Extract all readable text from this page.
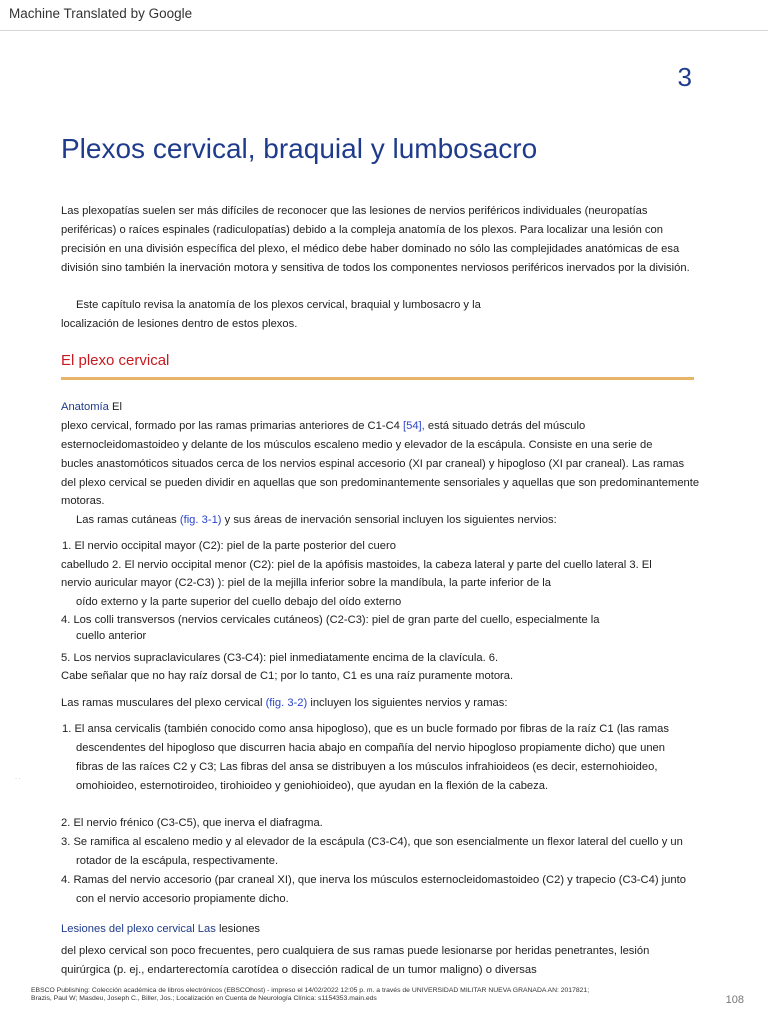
Machine Translated by Google
3
Plexos cervical, braquial y lumbosacro
Las plexopatías suelen ser más difíciles de reconocer que las lesiones de nervios periféricos individuales (neuropatías
periféricas) o raíces espinales (radiculopatías) debido a la compleja anatomía de los plexos. Para localizar una lesión con
precisión en una división específica del plexo, el médico debe haber dominado no sólo las complejidades anatómicas de esa
división sino también la inervación motora y sensitiva de todos los componentes nerviosos periféricos inervados por la división.
Este capítulo revisa la anatomía de los plexos cervical, braquial y lumbosacro y la
localización de lesiones dentro de estos plexos.
El plexo cervical
Anatomía El
plexo cervical, formado por las ramas primarias anteriores de C1-C4 [54], está situado detrás del músculo
esternocleidomastoideo y delante de los músculos escaleno medio y elevador de la escápula. Consiste en una serie de
bucles anastomóticos situados cerca de los nervios espinal accesorio (XI par craneal) y hipogloso (XI par craneal). Las ramas
del plexo cervical se pueden dividir en aquellas que son predominantemente sensoriales y aquellas que son predominantemente
motoras.
Las ramas cutáneas (fig. 3-1) y sus áreas de inervación sensorial incluyen los siguientes nervios:
1. El nervio occipital mayor (C2): piel de la parte posterior del cuero
cabelludo 2. El nervio occipital menor (C2): piel de la apófisis mastoides, la cabeza lateral y parte del cuello lateral 3. El
nervio auricular mayor (C2-C3) ): piel de la mejilla inferior sobre la mandíbula, la parte inferior de la
oído externo y la parte superior del cuello debajo del oído externo
4. Los colli transversos (nervios cervicales cutáneos) (C2-C3): piel de gran parte del cuello, especialmente la
cuello anterior
5. Los nervios supraclaviculares (C3-C4): piel inmediatamente encima de la clavícula. 6.
Cabe señalar que no hay raíz dorsal de C1; por lo tanto, C1 es una raíz puramente motora.
Las ramas musculares del plexo cervical (fig. 3-2) incluyen los siguientes nervios y ramas:
1. El ansa cervicalis (también conocido como ansa hipogloso), que es un bucle formado por fibras de la raíz C1 (las ramas
descendentes del hipogloso que discurren hacia abajo en compañía del nervio hipogloso propiamente dicho) que unen
fibras de las raíces C2 y C3; Las fibras del ansa se distribuyen a los músculos infrahioideos (es decir, esternohioideo,
omohioideo, esternotiroideo, tirohioideo y geniohioideo), que ayudan en la flexión de la cabeza.
· ·
2. El nervio frénico (C3-C5), que inerva el diafragma.
3. Se ramifica al escaleno medio y al elevador de la escápula (C3-C4), que son esencialmente un flexor lateral del cuello y un
rotador de la escápula, respectivamente.
4. Ramas del nervio accesorio (par craneal XI), que inerva los músculos esternocleidomastoideo (C2) y trapecio (C3-C4) junto
con el nervio accesorio propiamente dicho.
Lesiones del plexo cervical Las lesiones
del plexo cervical son poco frecuentes, pero cualquiera de sus ramas puede lesionarse por heridas penetrantes, lesión
quirúrgica (p. ej., endarterectomía carotídea o disección radical de un tumor maligno) o diversas
EBSCO Publishing: Colección académica de libros electrónicos (EBSCOhost) - impreso el 14/02/2022 12:05 p. m. a través de UNIVERSIDAD MILITAR NUEVA GRANADA AN: 2017821;
Brazis, Paul W; Masdeu, Joseph C., Biller, Jos.; Localización en Cuenta de Neurología Clínica: s1154353.main.eds	108
